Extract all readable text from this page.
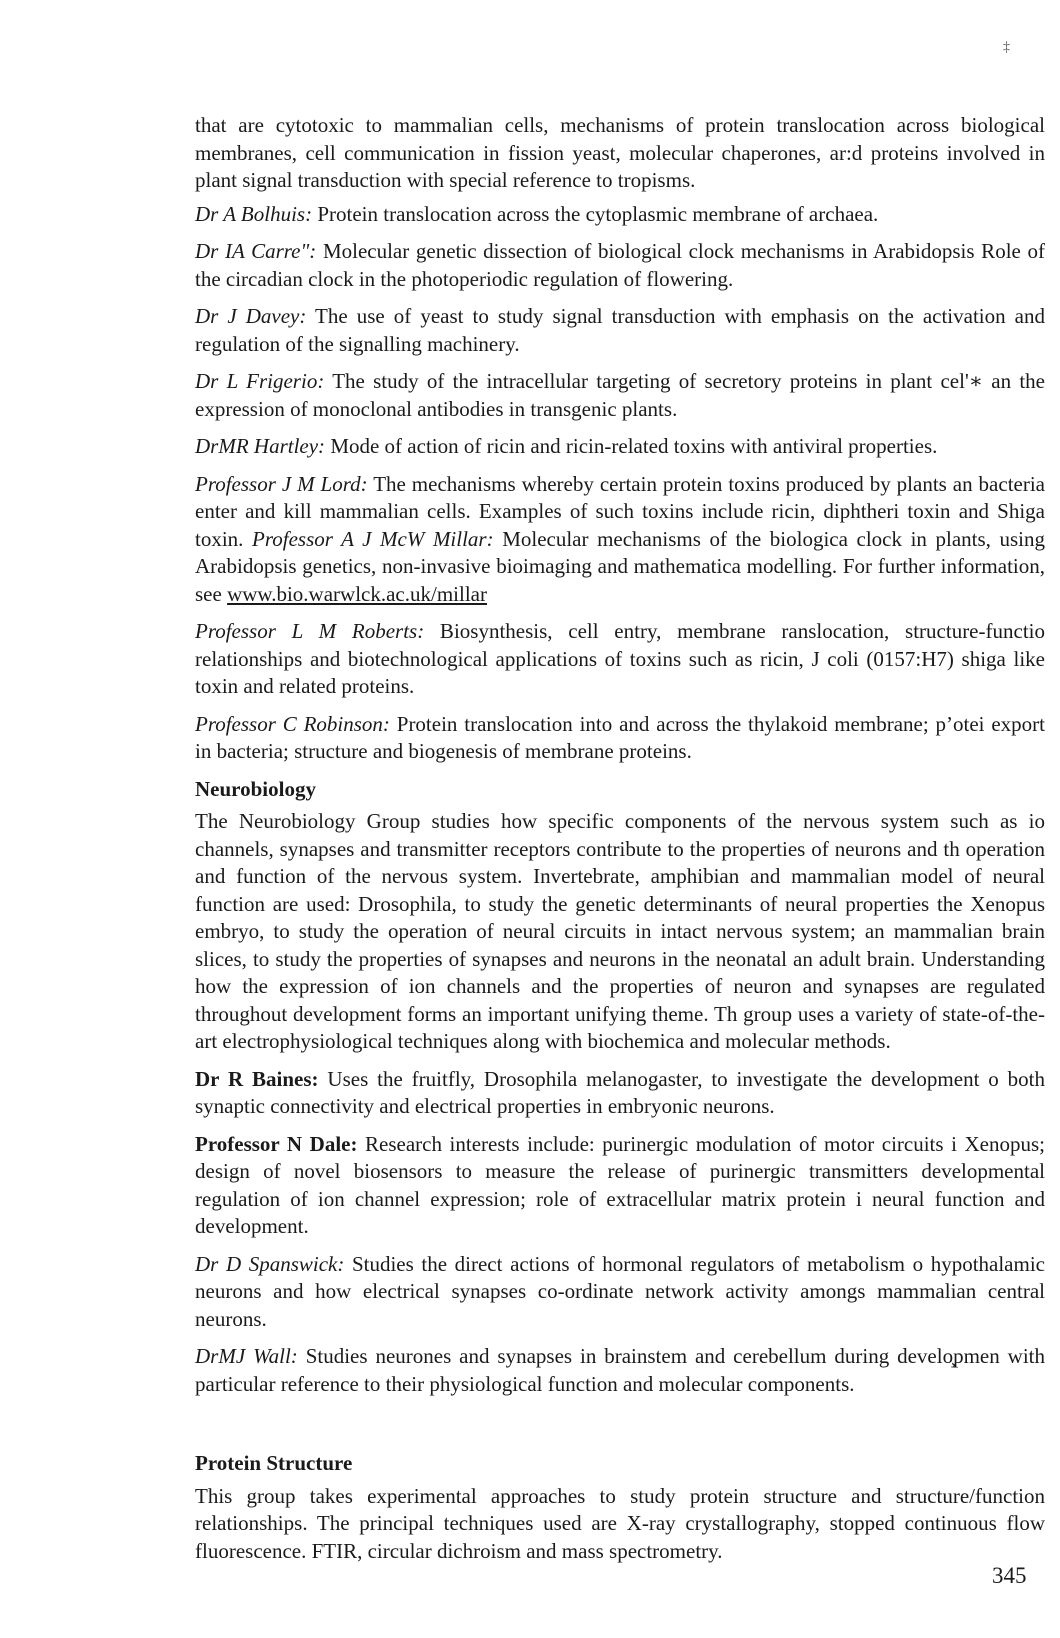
‡

that are cytotoxic to mammalian cells, mechanisms of protein translocation across biological membranes, cell communication in fission yeast, molecular chaperones, ar:d proteins involved in plant signal transduction with special reference to tropisms.

Dr A Bolhuis: Protein translocation across the cytoplasmic membrane of archaea.

Dr IA Carre": Molecular genetic dissection of biological clock mechanisms in Arabidopsis Role of the circadian clock in the photoperiodic regulation of flowering.

Dr J Davey: The use of yeast to study signal transduction with emphasis on the activation and regulation of the signalling machinery.

Dr L Frigerio: The study of the intracellular targeting of secretory proteins in plant cel'∗ an the expression of monoclonal antibodies in transgenic plants.

DrMR Hartley: Mode of action of ricin and ricin-related toxins with antiviral properties.

Professor J M Lord: The mechanisms whereby certain protein toxins produced by plants an bacteria enter and kill mammalian cells. Examples of such toxins include ricin, diphtheri toxin and Shiga toxin. Professor A J McW Millar: Molecular mechanisms of the biologica clock in plants, using Arabidopsis genetics, non-invasive bioimaging and mathematica modelling. For further information, see www.bio.warwlck.ac.uk/millar

Professor L M Roberts: Biosynthesis, cell entry, membrane ranslocation, structure-functio relationships and biotechnological applications of toxins such as ricin, J coli (0157:H7) shiga like toxin and related proteins.

Professor C Robinson: Protein translocation into and across the thylakoid membrane; p’otei export in bacteria; structure and biogenesis of membrane proteins.

Neurobiology

The Neurobiology Group studies how specific components of the nervous system such as io channels, synapses and transmitter receptors contribute to the properties of neurons and th operation and function of the nervous system. Invertebrate, amphibian and mammalian model of neural function are used: Drosophila, to study the genetic determinants of neural properties the Xenopus embryo, to study the operation of neural circuits in intact nervous system; an mammalian brain slices, to study the properties of synapses and neurons in the neonatal an adult brain. Understanding how the expression of ion channels and the properties of neuron and synapses are regulated throughout development forms an important unifying theme. Th group uses a variety of state-of-the-art electrophysiological techniques along with biochemica and molecular methods.

Dr R Baines: Uses the fruitfly, Drosophila melanogaster, to investigate the development o both synaptic connectivity and electrical properties in embryonic neurons.

Professor N Dale: Research interests include: purinergic modulation of motor circuits i Xenopus; design of novel biosensors to measure the release of purinergic transmitters developmental regulation of ion channel expression; role of extracellular matrix protein i neural function and development.

Dr D Spanswick: Studies the direct actions of hormonal regulators of metabolism o hypothalamic neurons and how electrical synapses co-ordinate network activity amongs mammalian central neurons.

DrMJ Wall: Studies neurones and synapses in brainstem and cerebellum during develo̧pmen with particular reference to their physiological function and molecular components.

Protein Structure

This group takes experimental approaches to study protein structure and structure/function relationships. The principal techniques used are X-ray crystallography, stopped continuous flow fluorescence. FTIR, circular dichroism and mass spectrometry.

345
